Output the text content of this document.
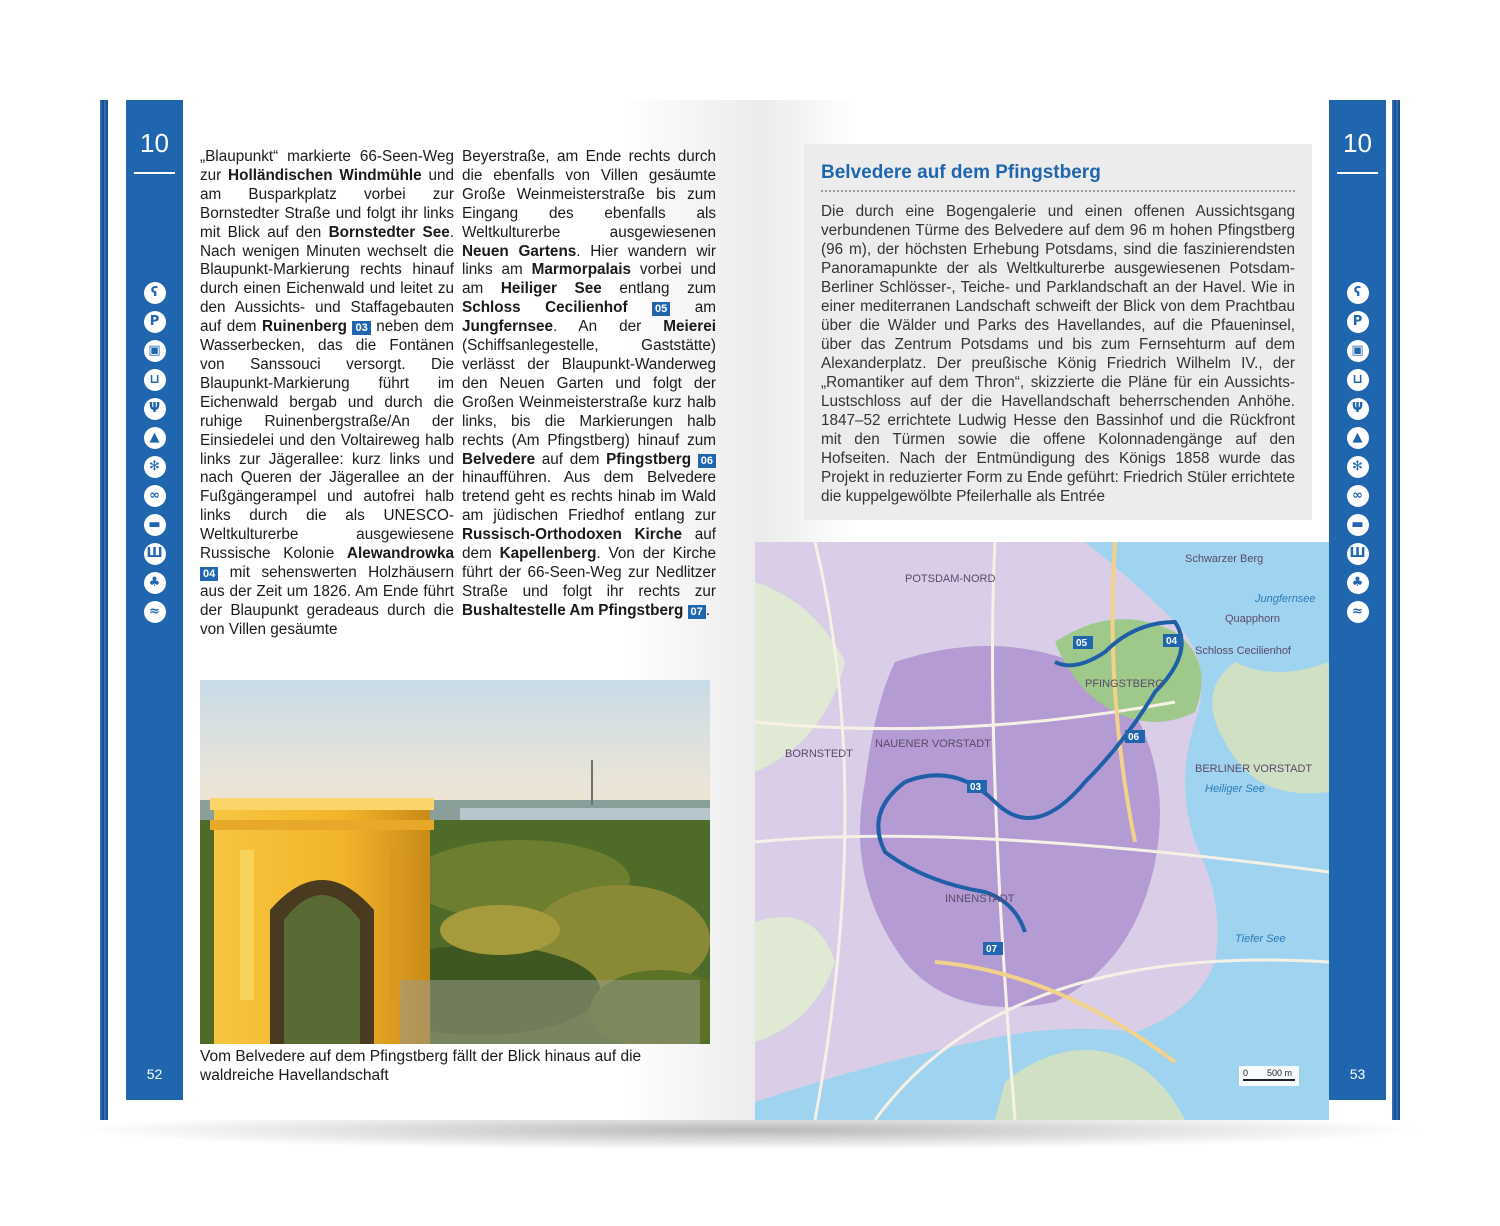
10
ʕ
P
▣
⊔
Ψ
▲
✻
∞
▬
Ш
♣
≈
52
„Blaupunkt“ markierte 66-Seen-Weg zur Holländischen Windmühle und am Busparkplatz vorbei zur Bornstedter Straße und folgt ihr links mit Blick auf den Bornstedter See. Nach wenigen Minuten wechselt die Blaupunkt-Markierung rechts hinauf durch einen Eichenwald und leitet zu den Aussichts- und Staffagebauten auf dem Ruinenberg 03 neben dem Wasserbecken, das die Fontänen von Sanssouci versorgt. Die Blaupunkt-Markierung führt im Eichenwald bergab und durch die ruhige Ruinenbergstraße/An der Einsiedelei und den Voltaireweg halb links zur Jägerallee: kurz links und nach Queren der Jägerallee an der Fußgängerampel und autofrei halb links durch die als UNESCO-Weltkulturerbe ausgewiesene Russische Kolonie Alewandrowka 04 mit sehenswerten Holzhäusern aus der Zeit um 1826. Am Ende führt der Blaupunkt geradeaus durch die von Villen gesäumte
Beyerstraße, am Ende rechts durch die ebenfalls von Villen gesäumte Große Weinmeisterstraße bis zum Eingang des ebenfalls als Weltkulturerbe ausgewiesenen Neuen Gartens. Hier wandern wir links am Marmorpalais vorbei und am Heiliger See entlang zum Schloss Cecilienhof 05 am Jungfernsee. An der Meierei (Schiffsanlegestelle, Gaststätte) verlässt der Blaupunkt-Wanderweg den Neuen Garten und folgt der Großen Weinmeisterstraße kurz halb links, bis die Markierungen halb rechts (Am Pfingstberg) hinauf zum Belvedere auf dem Pfingstberg 06 hinaufführen. Aus dem Belvedere tretend geht es rechts hinab im Wald am jüdischen Friedhof entlang zur Russisch-Orthodoxen Kirche auf dem Kapellenberg. Von der Kirche führt der 66-Seen-Weg zur Nedlitzer Straße und folgt ihr rechts zur Bushaltestelle Am Pfingstberg 07 .
Vom Belvedere auf dem Pfingstberg fällt der Blick hinaus auf die waldreiche Havellandschaft
Belvedere auf dem Pfingstberg
Die durch eine Bogengalerie und einen offenen Aussichtsgang verbundenen Türme des Belvedere auf dem 96 m hohen Pfingstberg (96 m), der höchsten Erhebung Potsdams, sind die faszinierendsten Panoramapunkte der als Weltkulturerbe ausgewiesenen Potsdam-Berliner Schlösser-, Teiche- und Parklandschaft an der Havel. Wie in einer mediterranen Landschaft schweift der Blick von dem Prachtbau über die Wälder und Parks des Havellandes, auf die Pfaueninsel, über das Zentrum Potsdams und bis zum Fernsehturm auf dem Alexanderplatz. Der preußische König Friedrich Wilhelm IV., der „Romantiker auf dem Thron“, skizzierte die Pläne für ein Aussichts-Lustschloss auf der die Havellandschaft beherrschenden Anhöhe. 1847–52 errichtete Ludwig Hesse den Bassinhof und die Rückfront mit den Türmen sowie die offene Kolonnadengänge auf den Hofseiten. Nach der Entmündigung des Königs 1858 wurde das Projekt in reduzierter Form zu Ende geführt: Friedrich Stüler errichtete die kuppelgewölbte Pfeilerhalle als Entrée
03
05	04
06
07
POTSDAM-NORD
NAUENER VORSTADT
PFINGSTBERG
INNENSTADT
BORNSTEDT
BERLINER VORSTADT
Quapphorn
Schloss Cecilienhof
Schwarzer Berg
Jungfernsee
Heiliger See
Tiefer See
0 500 m
10
ʕ
P
▣
⊔
Ψ
▲
✻
∞
▬
Ш
♣
≈
53
